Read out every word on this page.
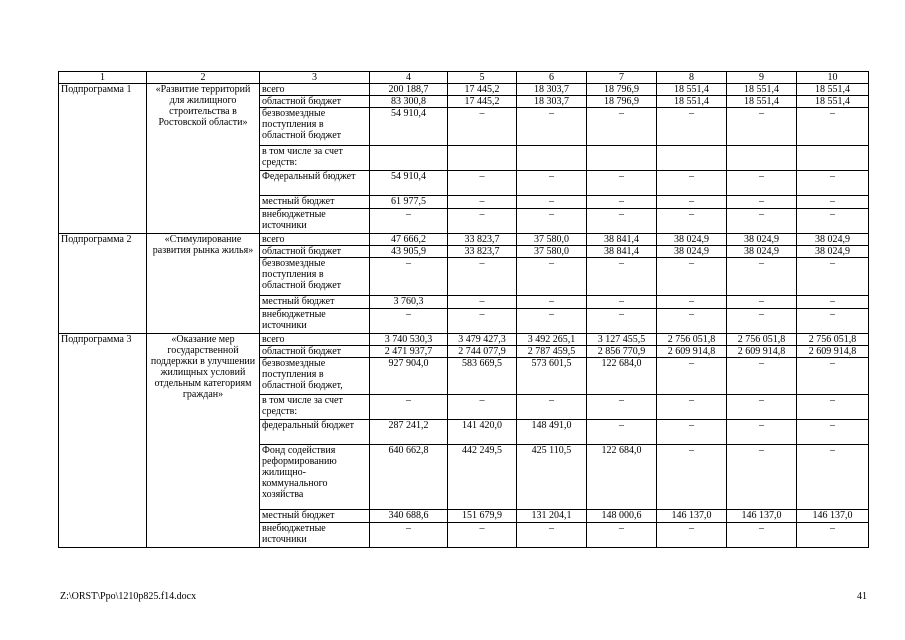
1	2	3	4	5	6	7	8	9	10
Подпрограмма 1	«Развитие территорий для жилищного строительства в Ростовской области»	всего	200 188,7	17 445,2	18 303,7	18 796,9	18 551,4	18 551,4	18 551,4
		областной бюджет	83 300,8	17 445,2	18 303,7	18 796,9	18 551,4	18 551,4	18 551,4
		безвозмездные поступления в областной бюджет	54 910,4	–	–	–	–	–	–
		в том числе за счет средств:							
		Федеральный бюджет	54 910,4	–	–	–	–	–	–
		местный бюджет	61 977,5	–	–	–	–	–	–
		внебюджетные источники	–	–	–	–	–	–	–
Подпрограмма 2	«Стимулирование развития рынка жилья»	всего	47 666,2	33 823,7	37 580,0	38 841,4	38 024,9	38 024,9	38 024,9
		областной бюджет	43 905,9	33 823,7	37 580,0	38 841,4	38 024,9	38 024,9	38 024,9
		безвозмездные поступления в областной бюджет	–	–	–	–	–	–	–
		местный бюджет	3 760,3	–	–	–	–	–	–
		внебюджетные источники	–	–	–	–	–	–	–
Подпрограмма 3	«Оказание мер государственной поддержки в улучшении жилищных условий отдельным категориям граждан»	всего	3 740 530,3	3 479 427,3	3 492 265,1	3 127 455,5	2 756 051,8	2 756 051,8	2 756 051,8
		областной бюджет	2 471 937,7	2 744 077,9	2 787 459,5	2 856 770,9	2 609 914,8	2 609 914,8	2 609 914,8
		безвозмездные поступления в областной бюджет,	927 904,0	583 669,5	573 601,5	122 684,0	–	–	–
		в том числе за счет средств:	–	–	–	–	–	–	–
		федеральный бюджет	287 241,2	141 420,0	148 491,0	–	–	–	–
		Фонд содействия реформированию жилищно-коммунального хозяйства	640 662,8	442 249,5	425 110,5	122 684,0	–	–	–
		местный бюджет	340 688,6	151 679,9	131 204,1	148 000,6	146 137,0	146 137,0	146 137,0
		внебюджетные источники	–	–	–	–	–	–	–
Z:\ORST\Ppo\1210p825.f14.docx	41
